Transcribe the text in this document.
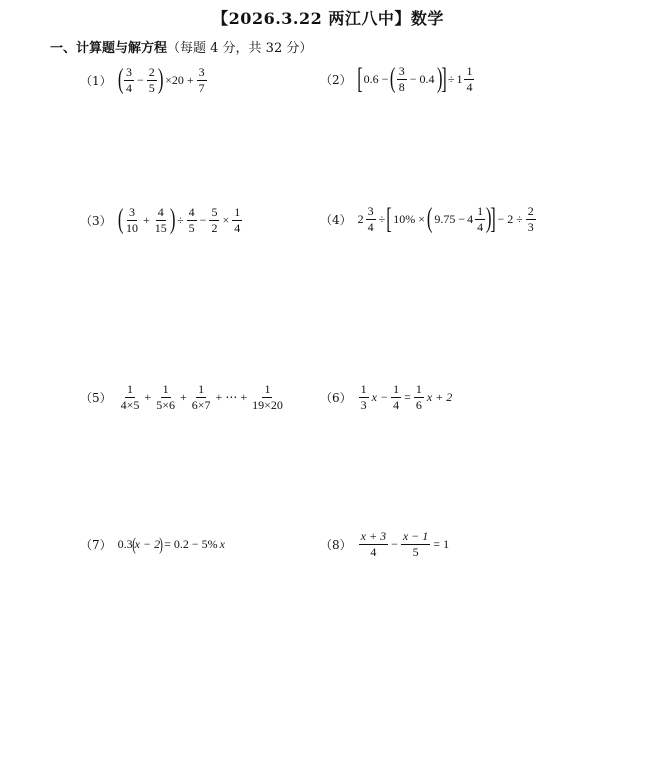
【2026.3.22 两江八中】数学
一、计算题与解方程（每题 4 分，共 32 分）
（1） ( $\frac{3}{4} - \frac{2}{5}$ ) $\times 20 + \frac{3}{7}$	（2） [ 0.6 − ( $\frac{3}{8} - 0.4$ ) ] ÷ $1 \frac{1}{4}$
（3） ( $\frac{3}{10} + \frac{4}{15}$ ) ÷ $\frac{4}{5} - \frac{5}{2} \times \frac{1}{4}$	（4） $2 \frac{3}{4}$ ÷ [ 10% × ( $9.75 - 4 \frac{1}{4}$ ) ] − $2 \div \frac{2}{3}$
$(5) \frac{1}{4\times 5} + \frac{1}{5\times 6} + \frac{1}{6\times 7}$ + ⋯ + $\frac{1}{19\times 20}$	$(6) \frac{1}{3}$ $x - \frac{1}{4} = \frac{1}{6}$ x + 2
（7） 0.3 ( x − 2 ) = 0.2 − 5% x	$(8) \frac{x + 3}{4} - \frac{x - 1}{5} = 1$
